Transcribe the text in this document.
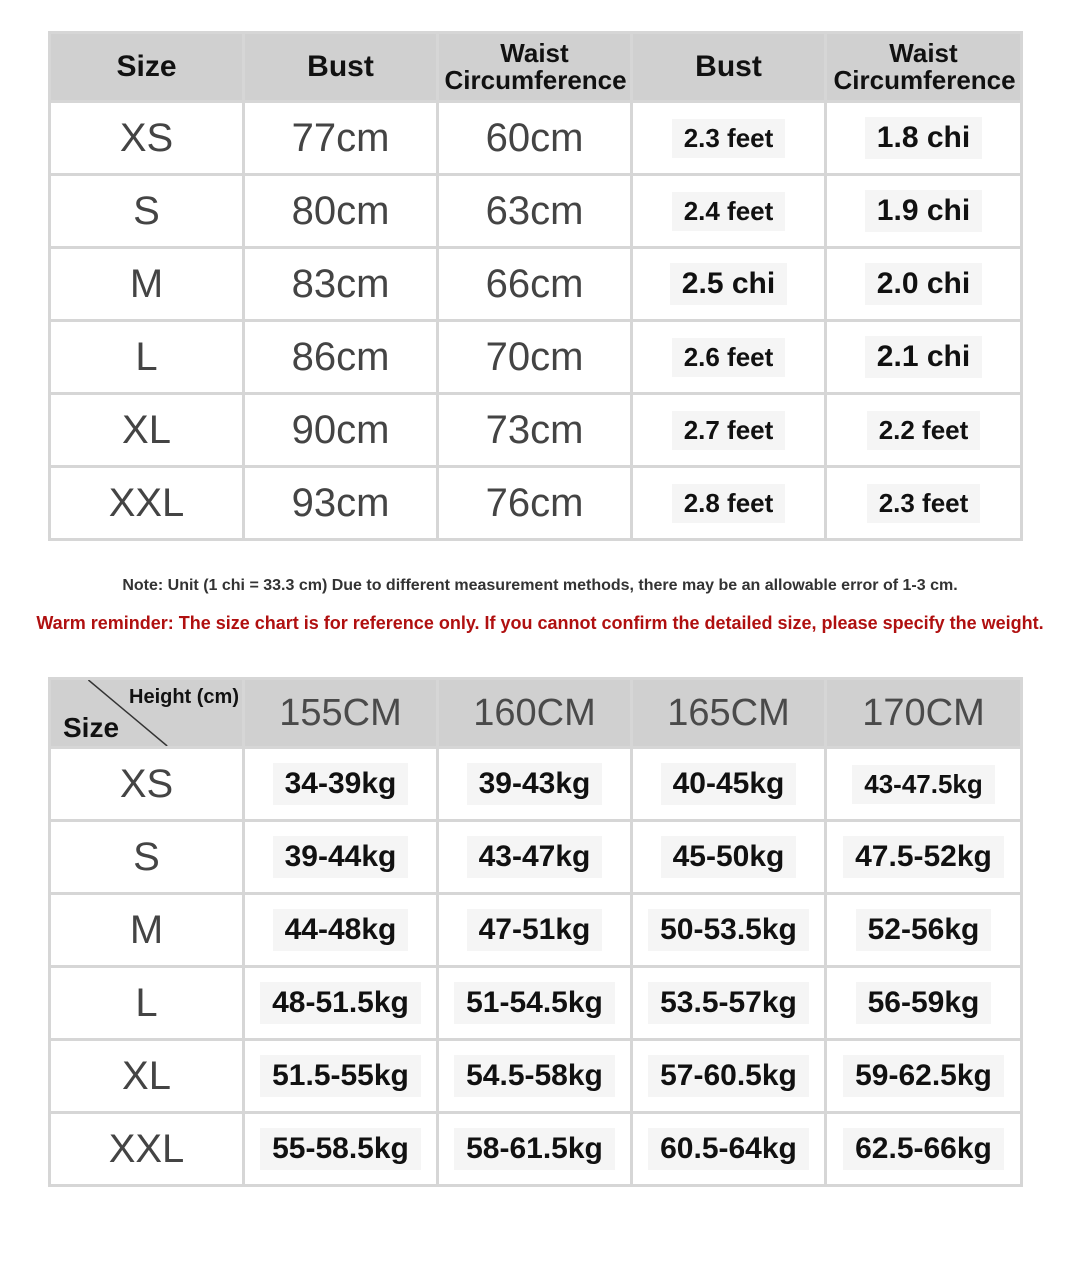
Size	Bust	Waist Circumference	Bust	Waist Circumference
XS	77cm	60cm	2.3 feet	1.8 chi
S	80cm	63cm	2.4 feet	1.9 chi
M	83cm	66cm	2.5 chi	2.0 chi
L	86cm	70cm	2.6 feet	2.1 chi
XL	90cm	73cm	2.7 feet	2.2 feet
XXL	93cm	76cm	2.8 feet	2.3 feet
Note: Unit (1 chi = 33.3 cm) Due to different measurement methods, there may be an allowable error of 1-3 cm.
Warm reminder: The size chart is for reference only. If you cannot confirm the detailed size, please specify the weight.
Height (cm)
Size	155CM	160CM	165CM	170CM
XS	34-39kg	39-43kg	40-45kg	43-47.5kg
S	39-44kg	43-47kg	45-50kg	47.5-52kg
M	44-48kg	47-51kg	50-53.5kg	52-56kg
L	48-51.5kg	51-54.5kg	53.5-57kg	56-59kg
XL	51.5-55kg	54.5-58kg	57-60.5kg	59-62.5kg
XXL	55-58.5kg	58-61.5kg	60.5-64kg	62.5-66kg
